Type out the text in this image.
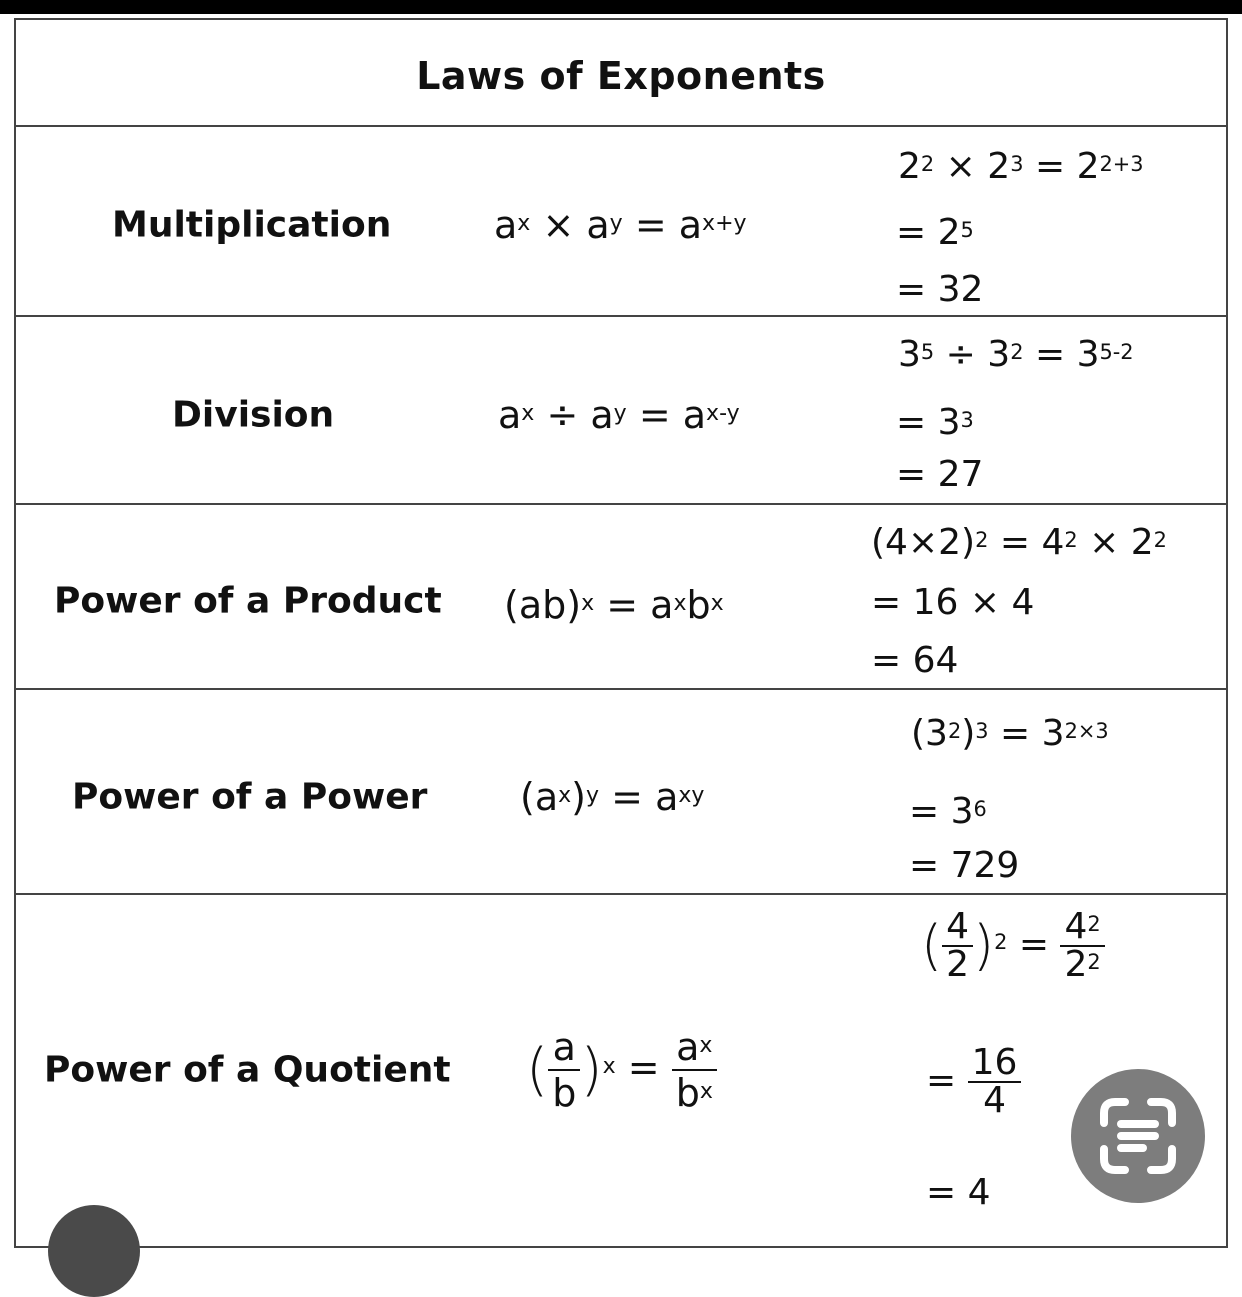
Laws of Exponents
Multiplication	$a^x \times a^y = a^{x+y}$
$2^2 \times 2^3 = 2^{2+3}$
= $2^5$
= 32
Division	$a^x \div a^y = a^{x-y}$
$3^5 \div 3^2 = 3^{5-2}$
= $3^3$
= 27
Power of a Product $(ab)^x = a^xb^x$
$(4\times 2)^2 = 4^2 \times 2^2$
= 16 × 4
= 64
Power of a Power $(a^x)^y = a^{xy}$
$(3^2)^3 = 3^{2\times 3}$
= $3^6$
= 729
Power of a Quotient ( $\frac{a}{b} )^x = \frac{a^x}{b^x}$
( $\frac{4}{2} )^2 = \frac{4^2}{2^2}$
= $\frac{16}{4}$
= 4
